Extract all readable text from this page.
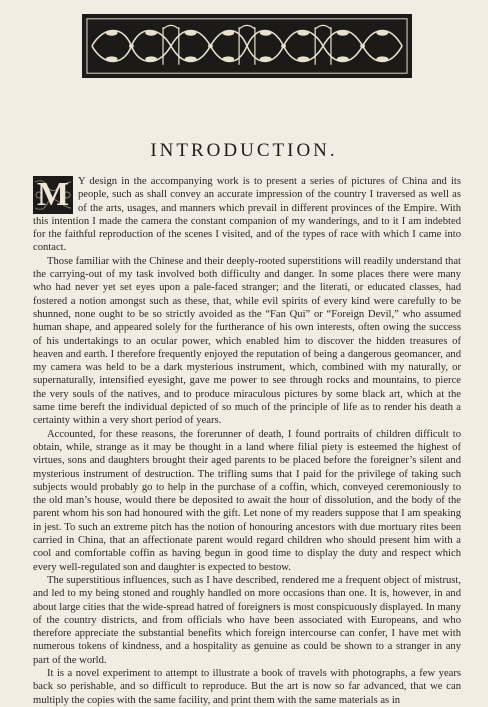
INTRODUCTION.

M Y design in the accompanying work is to present a series of pictures of China and its people, such as shall convey an accurate impression of the country I traversed as well as of the arts, usages, and manners which prevail in different provinces of the Empire. With this intention I made the camera the constant companion of my wanderings, and to it I am indebted for the faithful reproduction of the scenes I visited, and of the types of race with which I came into contact.

Those familiar with the Chinese and their deeply-rooted superstitions will readily understand that the carrying-out of my task involved both difficulty and danger. In some places there were many who had never yet set eyes upon a pale-faced stranger; and the literati, or educated classes, had fostered a notion amongst such as these, that, while evil spirits of every kind were carefully to be shunned, none ought to be so strictly avoided as the “Fan Qui” or “Foreign Devil,” who assumed human shape, and appeared solely for the furtherance of his own interests, often owing the success of his undertakings to an ocular power, which enabled him to discover the hidden treasures of heaven and earth. I therefore frequently enjoyed the reputation of being a dangerous geomancer, and my camera was held to be a dark mysterious instrument, which, combined with my naturally, or supernaturally, intensified eyesight, gave me power to see through rocks and mountains, to pierce the very souls of the natives, and to produce miraculous pictures by some black art, which at the same time bereft the individual depicted of so much of the principle of life as to render his death a certainty within a very short period of years.

Accounted, for these reasons, the forerunner of death, I found portraits of children difficult to obtain, while, strange as it may be thought in a land where filial piety is esteemed the highest of virtues, sons and daughters brought their aged parents to be placed before the foreigner’s silent and mysterious instrument of destruction. The trifling sums that I paid for the privilege of taking such subjects would probably go to help in the purchase of a coffin, which, conveyed ceremoniously to the old man’s house, would there be deposited to await the hour of dissolution, and the body of the parent whom his son had honoured with the gift. Let none of my readers suppose that I am speaking in jest. To such an extreme pitch has the notion of honouring ancestors with due mortuary rites been carried in China, that an affectionate parent would regard children who should present him with a cool and comfortable coffin as having begun in good time to display the duty and respect which every well-regulated son and daughter is expected to bestow.

The superstitious influences, such as I have described, rendered me a frequent object of mistrust, and led to my being stoned and roughly handled on more occasions than one. It is, however, in and about large cities that the wide-spread hatred of foreigners is most conspicuously displayed. In many of the country districts, and from officials who have been associated with Europeans, and who therefore appreciate the substantial benefits which foreign intercourse can confer, I have met with numerous tokens of kindness, and a hospitality as genuine as could be shown to a stranger in any part of the world.

It is a novel experiment to attempt to illustrate a book of travels with photographs, a few years back so perishable, and so difficult to reproduce. But the art is now so far advanced, that we can multiply the copies with the same facility, and print them with the same materials as in
